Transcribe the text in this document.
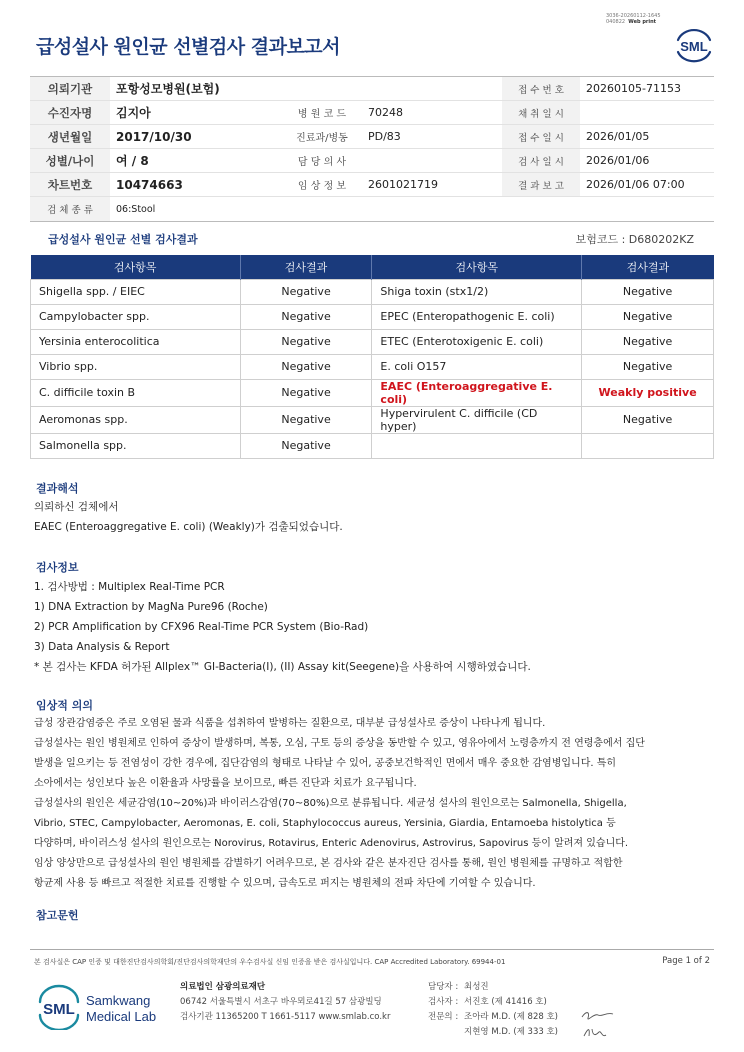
3036-20260112-1645
040822 Web print
급성설사 원인균 선별검사 결과보고서	SML
의뢰기관	포항성모병원(보험)			접 수 번 호	20260105-71153
수진자명	김지아	병 원 코 드	70248	채 취 일 시	
생년월일	2017/10/30	진료과/병동	PD/83	접 수 일 시	2026/01/05
성별/나이	여 / 8	담 당 의 사		검 사 일 시	2026/01/06
차트번호	10474663	임 상 정 보	2601021719	결 과 보 고	2026/01/06 07:00
검 체 종 류	06:Stool				
급성설사 원인균 선별 검사결과	보험코드 : D680202KZ
검사항목	검사결과	검사항목	검사결과
Shigella spp. / EIEC	Negative	Shiga toxin (stx1/2)	Negative
Campylobacter spp.	Negative	EPEC (Enteropathogenic E. coli)	Negative
Yersinia enterocolitica	Negative	ETEC (Enterotoxigenic E. coli)	Negative
Vibrio spp.	Negative	E. coli O157	Negative
C. difficile toxin B	Negative	EAEC (Enteroaggregative E. coli)	Weakly positive
Aeromonas spp.	Negative	Hypervirulent C. difficile (CD hyper)	Negative
Salmonella spp.	Negative		
결과해석
의뢰하신 검체에서
EAEC (Enteroaggregative E. coli) (Weakly)가 검출되었습니다.
검사정보
1. 검사방법 : Multiplex Real-Time PCR
1) DNA Extraction by MagNa Pure96 (Roche)
2) PCR Amplification by CFX96 Real-Time PCR System (Bio-Rad)
3) Data Analysis & Report
* 본 검사는 KFDA 허가된 Allplex™ GI-Bacteria(I), (II) Assay kit(Seegene)을 사용하여 시행하였습니다.
임상적 의의
급성 장관감염증은 주로 오염된 물과 식품을 섭취하여 발병하는 질환으로, 대부분 급성설사로 증상이 나타나게 됩니다.
급성설사는 원인 병원체로 인하여 증상이 발생하며, 복통, 오심, 구토 등의 증상을 동반할 수 있고, 영유아에서 노령층까지 전 연령층에서 집단
발생을 일으키는 등 전염성이 강한 경우에, 집단감염의 형태로 나타날 수 있어, 공중보건학적인 면에서 매우 중요한 감염병입니다. 특히
소아에서는 성인보다 높은 이환율과 사망률을 보이므로, 빠른 진단과 치료가 요구됩니다.
급성설사의 원인은 세균감염(10~20%)과 바이러스감염(70~80%)으로 분류됩니다. 세균성 설사의 원인으로는 Salmonella, Shigella,
Vibrio, STEC, Campylobacter, Aeromonas, E. coli, Staphylococcus aureus, Yersinia, Giardia, Entamoeba histolytica 등
다양하며, 바이러스성 설사의 원인으로는 Norovirus, Rotavirus, Enteric Adenovirus, Astrovirus, Sapovirus 등이 알려져 있습니다.
임상 양상만으로 급성설사의 원인 병원체를 감별하기 어려우므로, 본 검사와 같은 분자진단 검사를 통해, 원인 병원체를 규명하고 적합한
항균제 사용 등 빠르고 적절한 치료를 진행할 수 있으며, 급속도로 퍼지는 병원체의 전파 차단에 기여할 수 있습니다.
참고문헌
본 검사실은 CAP 인증 및 대한진단검사의학회/진단검사의학재단의 우수검사실 신임 인증을 받은 검사실입니다. CAP Accredited Laboratory. 69944-01	Page 1 of 2
SML
Samkwang
Medical Lab
의료법인 삼광의료재단
06742 서울특별시 서초구 바우뫼로41길 57 삼광빌딩
검사기관 11365200 T 1661-5117 www.smlab.co.kr
담당자 : 최성진
검사자 : 서진호 (제 41416 호)
전문의 : 조아라 M.D. (제 828 호)
지현영 M.D. (제 333 호)
